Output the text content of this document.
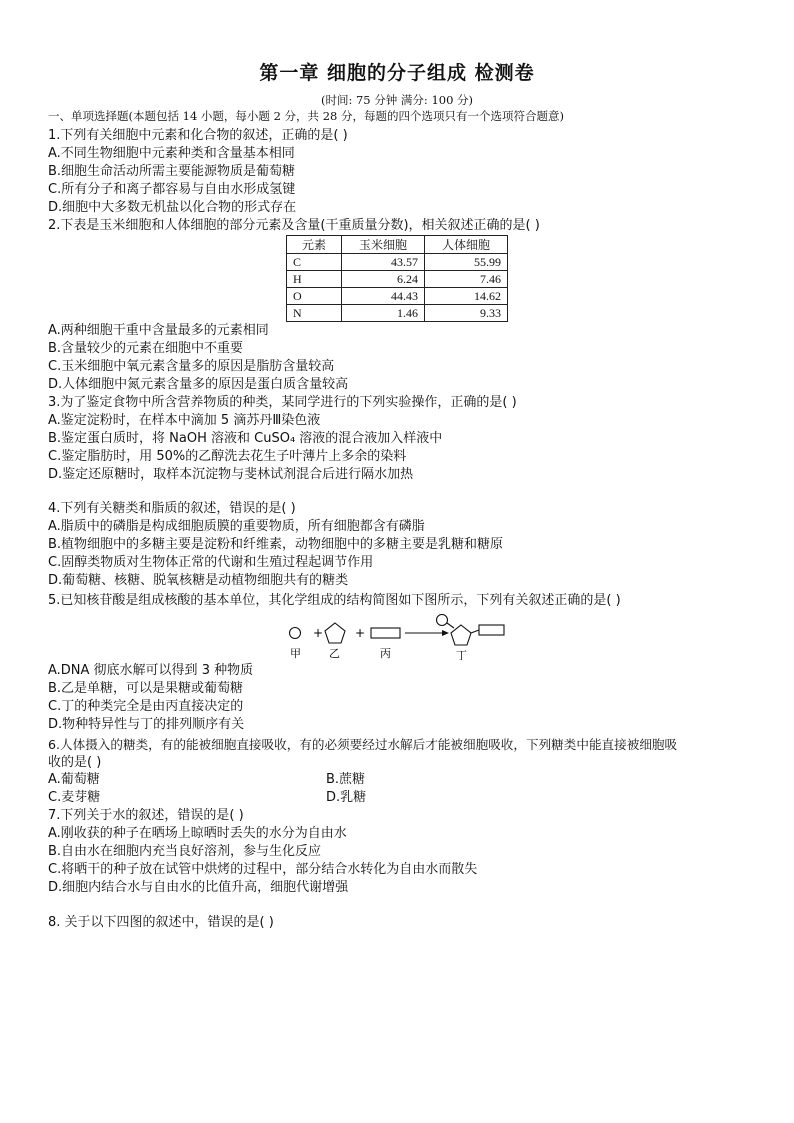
第一章 细胞的分子组成 检测卷
(时间: 75 分钟 满分: 100 分)
一、单项选择题(本题包括 14 小题，每小题 2 分，共 28 分，每题的四个选项只有一个选项符合题意)
1.下列有关细胞中元素和化合物的叙述，正确的是( )
A.不同生物细胞中元素种类和含量基本相同
B.细胞生命活动所需主要能源物质是葡萄糖
C.所有分子和离子都容易与自由水形成氢键
D.细胞中大多数无机盐以化合物的形式存在
2.下表是玉米细胞和人体细胞的部分元素及含量(干重质量分数)，相关叙述正确的是( )
元素	玉米细胞	人体细胞
C	43.57	55.99
H	6.24	7.46
O	44.43	14.62
N	1.46	9.33
A.两种细胞干重中含量最多的元素相同
B.含量较少的元素在细胞中不重要
C.玉米细胞中氧元素含量多的原因是脂肪含量较高
D.人体细胞中氮元素含量多的原因是蛋白质含量较高
3.为了鉴定食物中所含营养物质的种类，某同学进行的下列实验操作，正确的是( )
A.鉴定淀粉时，在样本中滴加 5 滴苏丹Ⅲ染色液
B.鉴定蛋白质时，将 NaOH 溶液和 CuSO₄ 溶液的混合液加入样液中
C.鉴定脂肪时，用 50%的乙醇洗去花生子叶薄片上多余的染料
D.鉴定还原糖时，取样本沉淀物与斐林试剂混合后进行隔水加热
4.下列有关糖类和脂质的叙述，错误的是( )
A.脂质中的磷脂是构成细胞质膜的重要物质，所有细胞都含有磷脂
B.植物细胞中的多糖主要是淀粉和纤维素，动物细胞中的多糖主要是乳糖和糖原
C.固醇类物质对生物体正常的代谢和生殖过程起调节作用
D.葡萄糖、核糖、脱氧核糖是动植物细胞共有的糖类
5.已知核苷酸是组成核酸的基本单位，其化学组成的结构简图如下图所示，下列有关叙述正确的是( )
+	+
甲	乙	丙	丁
A.DNA 彻底水解可以得到 3 种物质
B.乙是单糖，可以是果糖或葡萄糖
C.丁的种类完全是由丙直接决定的
D.物种特异性与丁的排列顺序有关
6.人体摄入的糖类，有的能被细胞直接吸收，有的必须要经过水解后才能被细胞吸收，下列糖类中能直接被细胞吸
收的是( )
A.葡萄糖	B.蔗糖
C.麦芽糖	D.乳糖
7.下列关于水的叙述，错误的是( )
A.刚收获的种子在晒场上晾晒时丢失的水分为自由水
B.自由水在细胞内充当良好溶剂，参与生化反应
C.将晒干的种子放在试管中烘烤的过程中，部分结合水转化为自由水而散失
D.细胞内结合水与自由水的比值升高，细胞代谢增强
8. 关于以下四图的叙述中，错误的是( )
